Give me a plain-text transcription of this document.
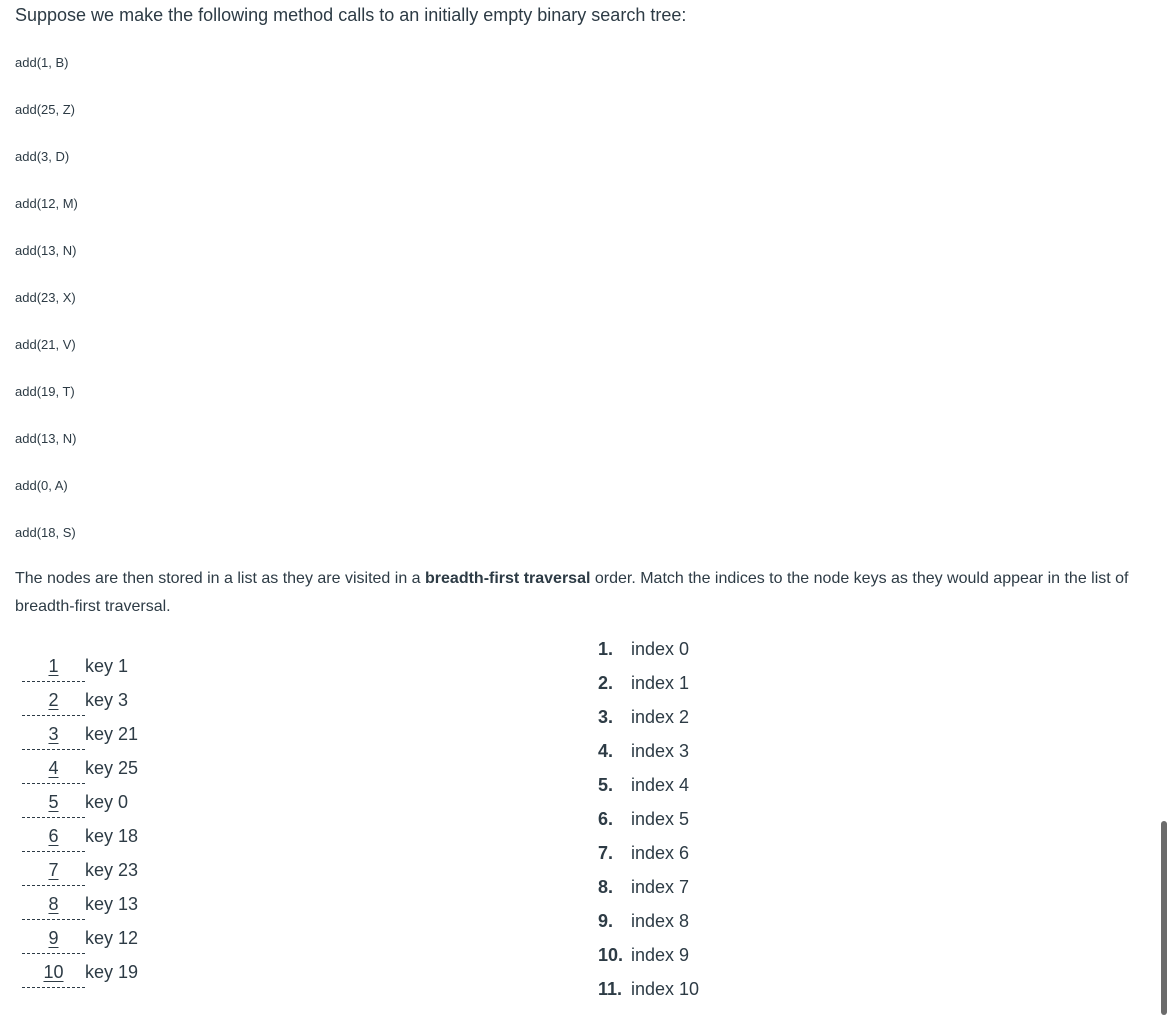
Suppose we make the following method calls to an initially empty binary search tree:

add(1, B)
add(25, Z)
add(3, D)
add(12, M)
add(13, N)
add(23, X)
add(21, V)
add(19, T)
add(13, N)
add(0, A)
add(18, S)

The nodes are then stored in a list as they are visited in a breadth-first traversal order. Match the indices to the node keys as they would appear in the list of breadth-first traversal.

1	key 1
2	key 3
3	key 21
4	key 25
5	key 0
6	key 18
7	key 23
8	key 13
9	key 12
10	key 19
1. index 0
2. index 1
3. index 2
4. index 3
5. index 4
6. index 5
7. index 6
8. index 7
9. index 8
10. index 9
11. index 10
